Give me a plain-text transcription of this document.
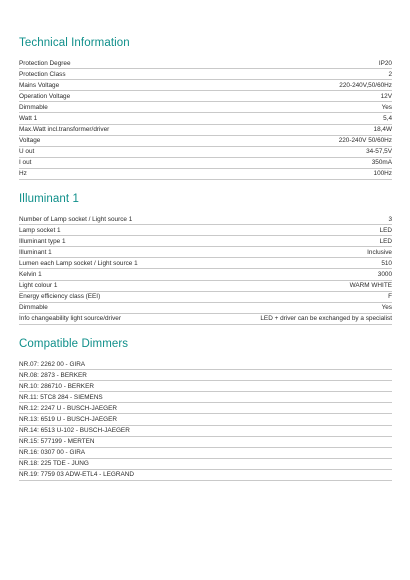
Technical Information
Protection Degree	IP20
Protection Class	2
Mains Voltage	220-240V,50/60Hz
Operation Voltage	12V
Dimmable	Yes
Watt 1	5,4
Max.Watt incl.transformer/driver	18,4W
Voltage	220-240V 50/60Hz
U out	34-57,5V
I out	350mA
Hz	100Hz
Illuminant 1
Number of Lamp socket / Light source 1	3
Lamp socket 1	LED
Illuminant type 1	LED
Illuminant 1	Inclusive
Lumen each Lamp socket / Light source 1	510
Kelvin 1	3000
Light colour 1	WARM WHITE
Energy efficiency class (EEI)	F
Dimmable	Yes
Info changeability light source/driver	LED + driver can be exchanged by a specialist
Compatible Dimmers
NR.07: 2262 00 - GIRA
NR.08: 2873 - BERKER
NR.10: 286710 - BERKER
NR.11: 5TC8 284 - SIEMENS
NR.12: 2247 U - BUSCH-JAEGER
NR.13: 6519 U - BUSCH-JAEGER
NR.14: 6513 U-102 - BUSCH-JAEGER
NR.15: 577199 - MERTEN
NR.16: 0307 00 - GIRA
NR.18: 225 TDE - JUNG
NR.19: 7759 03 ADW-ETL4 - LEGRAND
